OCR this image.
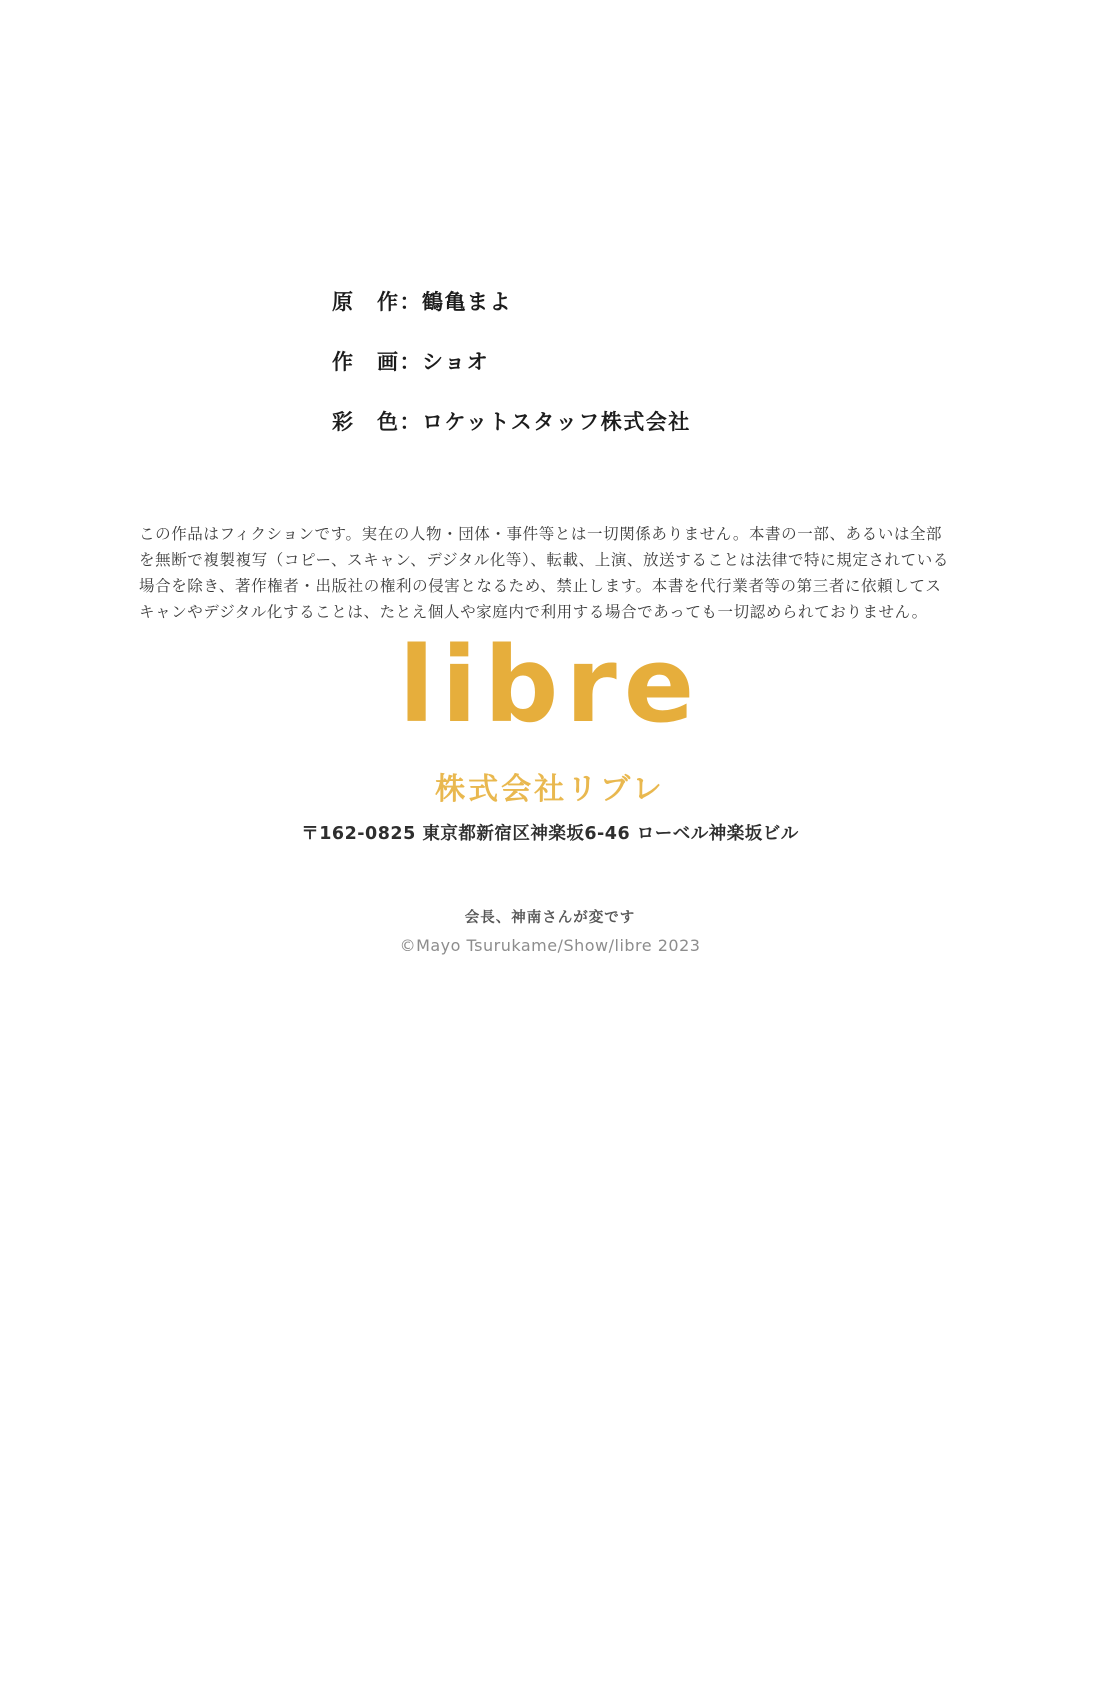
原　作：鶴亀まよ
作　画：ショオ
彩　色：ロケットスタッフ株式会社
この作品はフィクションです。実在の人物・団体・事件等とは一切関係ありません。本書の一部、あるいは全部
を無断で複製複写（コピー、スキャン、デジタル化等）、転載、上演、放送することは法律で特に規定されている
場合を除き、著作権者・出版社の権利の侵害となるため、禁止します。本書を代行業者等の第三者に依頼してス
キャンやデジタル化することは、たとえ個人や家庭内で利用する場合であっても一切認められておりません。
libre
株式会社リブレ
〒162-0825 東京都新宿区神楽坂6-46 ローベル神楽坂ビル
会長、神南さんが変です
©Mayo Tsurukame/Show/libre 2023
